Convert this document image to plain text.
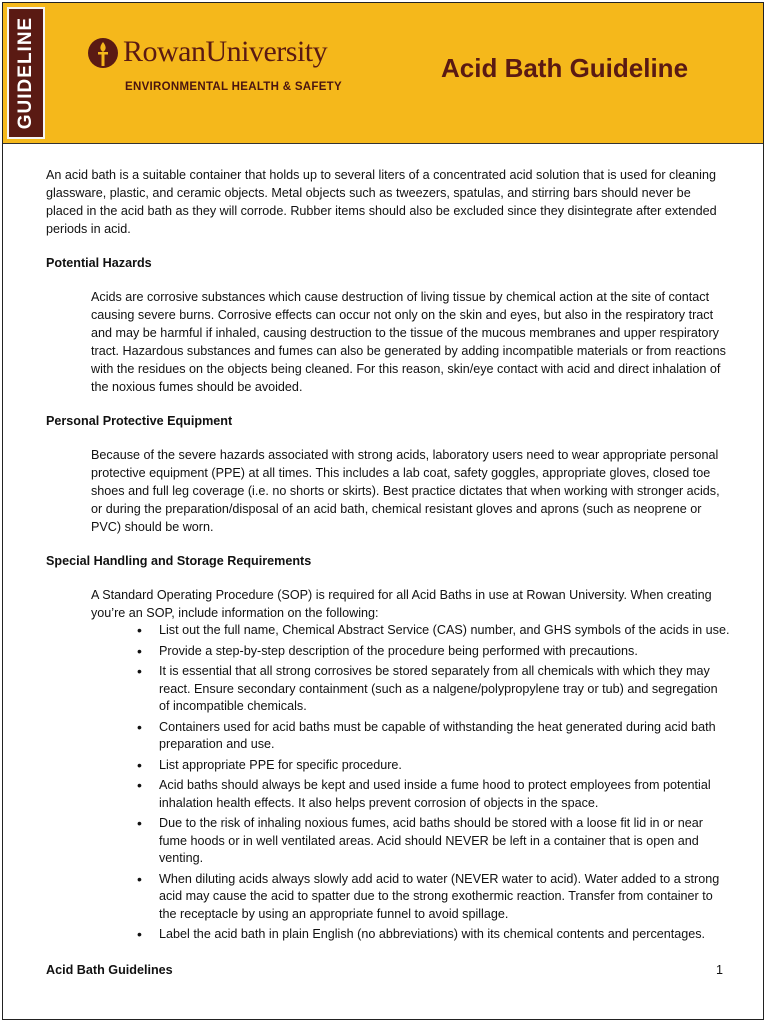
GUIDELINE	RowanUniversity
ENVIRONMENTAL HEALTH & SAFETY
Acid Bath Guideline

An acid bath is a suitable container that holds up to several liters of a concentrated acid solution that is used for cleaning glassware, plastic, and ceramic objects. Metal objects such as tweezers, spatulas, and stirring bars should never be placed in the acid bath as they will corrode. Rubber items should also be excluded since they disintegrate after extended periods in acid.

Potential Hazards

Acids are corrosive substances which cause destruction of living tissue by chemical action at the site of contact causing severe burns. Corrosive effects can occur not only on the skin and eyes, but also in the respiratory tract and may be harmful if inhaled, causing destruction to the tissue of the mucous membranes and upper respiratory tract. Hazardous substances and fumes can also be generated by adding incompatible materials or from reactions with the residues on the objects being cleaned. For this reason, skin/eye contact with acid and direct inhalation of the noxious fumes should be avoided.

Personal Protective Equipment

Because of the severe hazards associated with strong acids, laboratory users need to wear appropriate personal protective equipment (PPE) at all times. This includes a lab coat, safety goggles, appropriate gloves, closed toe shoes and full leg coverage (i.e. no shorts or skirts). Best practice dictates that when working with stronger acids, or during the preparation/disposal of an acid bath, chemical resistant gloves and aprons (such as neoprene or PVC) should be worn.

Special Handling and Storage Requirements

A Standard Operating Procedure (SOP) is required for all Acid Baths in use at Rowan University. When creating you’re an SOP, include information on the following:

• List out the full name, Chemical Abstract Service (CAS) number, and GHS symbols of the acids in use.
• Provide a step-by-step description of the procedure being performed with precautions.
• It is essential that all strong corrosives be stored separately from all chemicals with which they may react. Ensure secondary containment (such as a nalgene/polypropylene tray or tub) and segregation of incompatible chemicals.
• Containers used for acid baths must be capable of withstanding the heat generated during acid bath preparation and use.
• List appropriate PPE for specific procedure.
• Acid baths should always be kept and used inside a fume hood to protect employees from potential inhalation health effects. It also helps prevent corrosion of objects in the space.
• Due to the risk of inhaling noxious fumes, acid baths should be stored with a loose fit lid in or near fume hoods or in well ventilated areas. Acid should NEVER be left in a container that is open and venting.
• When diluting acids always slowly add acid to water (NEVER water to acid). Water added to a strong acid may cause the acid to spatter due to the strong exothermic reaction. Transfer from container to the receptacle by using an appropriate funnel to avoid spillage.
• Label the acid bath in plain English (no abbreviations) with its chemical contents and percentages.
Acid Bath Guidelines	1
